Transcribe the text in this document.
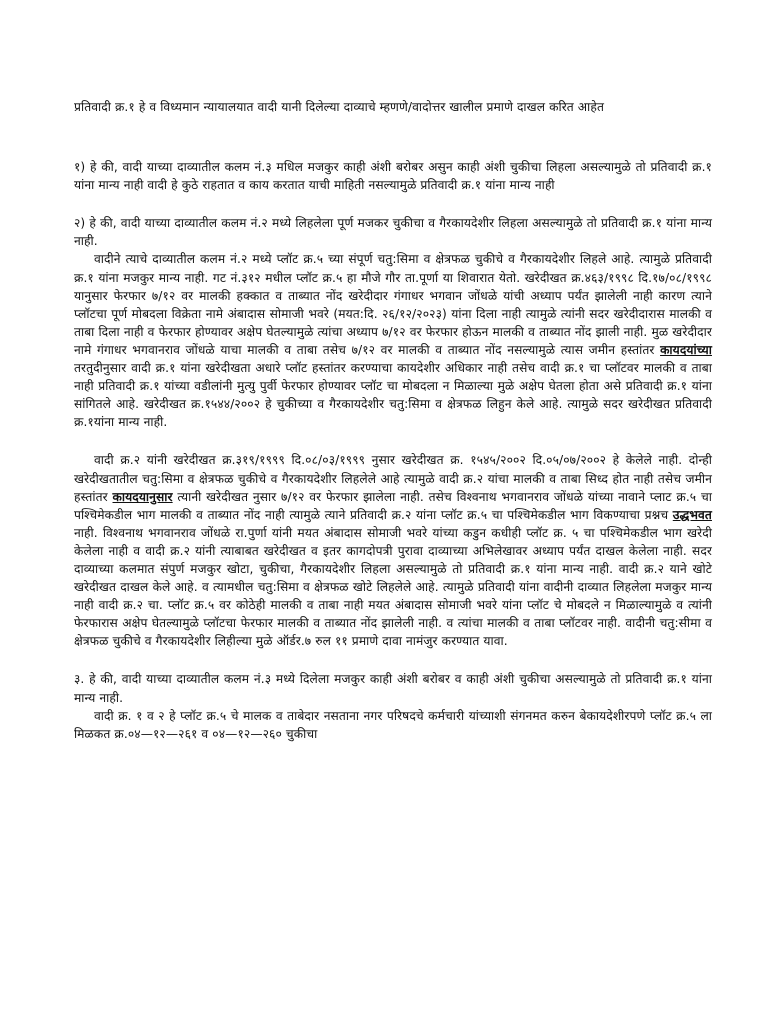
प्रतिवादी क्र.१ हे व विध्यमान न्यायालयात वादी यानी दिलेल्या दाव्याचे म्हणणे/वादोत्तर खालील प्रमाणे दाखल करित आहेत

१) हे की, वादी याच्या दाव्यातील कलम नं.३ मधिल मजकुर काही अंशी बरोबर असुन काही अंशी चुकीचा लिहला असल्यामुळे तो प्रतिवादी क्र.१ यांना मान्य नाही वादी हे कुठे राहतात व काय करतात याची माहिती नसल्यामुळे प्रतिवादी क्र.१ यांना मान्य नाही

२) हे की, वादी याच्या दाव्यातील कलम नं.२ मध्ये लिहलेला पूर्ण मजकर चुकीचा व गैरकायदेशीर लिहला असल्यामुळे तो प्रतिवादी क्र.१ यांना मान्य नाही.

वादीने त्याचे दाव्यातील कलम नं.२ मध्ये प्लॉट क्र.५ च्या संपूर्ण चतु:सिमा व क्षेत्रफळ चुकीचे व गैरकायदेशीर लिहले आहे. त्यामुळे प्रतिवादी क्र.१ यांना मजकुर मान्य नाही. गट नं.३१२ मधील प्लॉट क्र.५ हा मौजे गौर ता.पूर्णा या शिवारात येतो. खरेदीखत क्र.४६३/१९९८ दि.१७/०८/१९९८ यानुसार फेरफार ७/१२ वर मालकी हक्कात व ताब्यात नोंद खरेदीदार गंगाधर भगवान जोंधळे यांची अध्याप पर्यंत झालेली नाही कारण त्याने प्लॉटचा पूर्ण मोबदला विक्रेता नामे अंबादास सोमाजी भवरे (मयत:दि. २६/१२/२०२३) यांना दिला नाही त्यामुळे त्यांनी सदर खरेदीदारास मालकी व ताबा दिला नाही व फेरफार होण्यावर अक्षेप घेतल्यामुळे त्यांचा अध्याप ७/१२ वर फेरफार होऊन मालकी व ताब्यात नोंद झाली नाही. मुळ खरेदीदार नामे गंगाधर भगवानराव जोंधळे याचा मालकी व ताबा तसेच ७/१२ वर मालकी व ताब्यात नोंद नसल्यामुळे त्यास जमीन हस्तांतर कायदयांच्या तरतुदीनुसार वादी क्र.१ यांना खरेदीखता अधारे प्लॉट हस्तांतर करण्याचा कायदेशीर अधिकार नाही तसेच वादी क्र.१ चा प्लॉटवर मालकी व ताबा नाही प्रतिवादी क्र.१ यांच्या वडीलांनी मुत्यु पुर्वी फेरफार होण्यावर प्लॉट चा मोबदला न मिळाल्या मुळे अक्षेप घेतला होता असे प्रतिवादी क्र.१ यांना सांगितले आहे. खरेदीखत क्र.१५४४/२००२ हे चुकीच्या व गैरकायदेशीर चतु:सिमा व क्षेत्रफळ लिहुन केले आहे. त्यामुळे सदर खरेदीखत प्रतिवादी क्र.१यांना मान्य नाही.

वादी क्र.२ यांनी खरेदीखत क्र.३१९/१९९९ दि.०८/०३/१९९९ नुसार खरेदीखत क्र. १५४५/२००२ दि.०५/०७/२००२ हे केलेले नाही. दोन्ही खरेदीखतातील चतु:सिमा व क्षेत्रफळ चुकीचे व गैरकायदेशीर लिहलेले आहे त्यामुळे वादी क्र.२ यांचा मालकी व ताबा सिध्द होत नाही तसेच जमीन हस्तांतर कायदयानुसार त्यानी खरेदीखत नुसार ७/१२ वर फेरफार झालेला नाही. तसेच विश्वनाथ भगवानराव जोंधळे यांच्या नावाने प्लाट क्र.५ चा पश्चिमेकडील भाग मालकी व ताब्यात नोंद नाही त्यामुळे त्याने प्रतिवादी क्र.२ यांना प्लॉट क्र.५ चा पश्चिमेकडील भाग विकण्याचा प्रश्नच उद्धभवत नाही. विश्वनाथ भगवानराव जोंधळे रा.पुर्णा यांनी मयत अंबादास सोमाजी भवरे यांच्या कडुन कधीही प्लॉट क्र. ५ चा पश्चिमेकडील भाग खरेदी केलेला नाही व वादी क्र.२ यांनी त्याबाबत खरेदीखत व इतर कागदोपत्री पुरावा दाव्याच्या अभिलेखावर अध्याप पर्यंत दाखल केलेला नाही. सदर दाव्याच्या कलमात संपुर्ण मजकुर खोटा, चुकीचा, गैरकायदेशीर लिहला असल्यामुळे तो प्रतिवादी क्र.१ यांना मान्य नाही. वादी क्र.२ याने खोटे खरेदीखत दाखल केले आहे. व त्यामधील चतु:सिमा व क्षेत्रफळ खोटे लिहलेले आहे. त्यामुळे प्रतिवादी यांना वादीनी दाव्यात लिहलेला मजकुर मान्य नाही वादी क्र.२ चा. प्लॉट क्र.५ वर कोठेही मालकी व ताबा नाही मयत अंबादास सोमाजी भवरे यांना प्लॉट चे मोबदले न मिळाल्यामुळे व त्यांनी फेरफारास अक्षेप घेतल्यामुळे प्लॉटचा फेरफार मालकी व ताब्यात नोंद झालेली नाही. व त्यांचा मालकी व ताबा प्लॉटवर नाही. वादीनी चतु:सीमा व क्षेत्रफळ चुकीचे व गैरकायदेशीर लिहील्या मुळे ऑर्डर.७ रुल ११ प्रमाणे दावा नामंजुर करण्यात यावा.

३. हे की, वादी याच्या दाव्यातील कलम नं.३ मध्ये दिलेला मजकुर काही अंशी बरोबर व काही अंशी चुकीचा असल्यामुळे तो प्रतिवादी क्र.१ यांना मान्य नाही.

वादी क्र. १ व २ हे प्लॉट क्र.५ चे मालक व ताबेदार नसताना नगर परिषदचे कर्मचारी यांच्याशी संगनमत करुन बेकायदेशीरपणे प्लॉट क्र.५ ला मिळकत क्र.०४—१२—२६१ व ०४—१२—२६० चुकीचा
